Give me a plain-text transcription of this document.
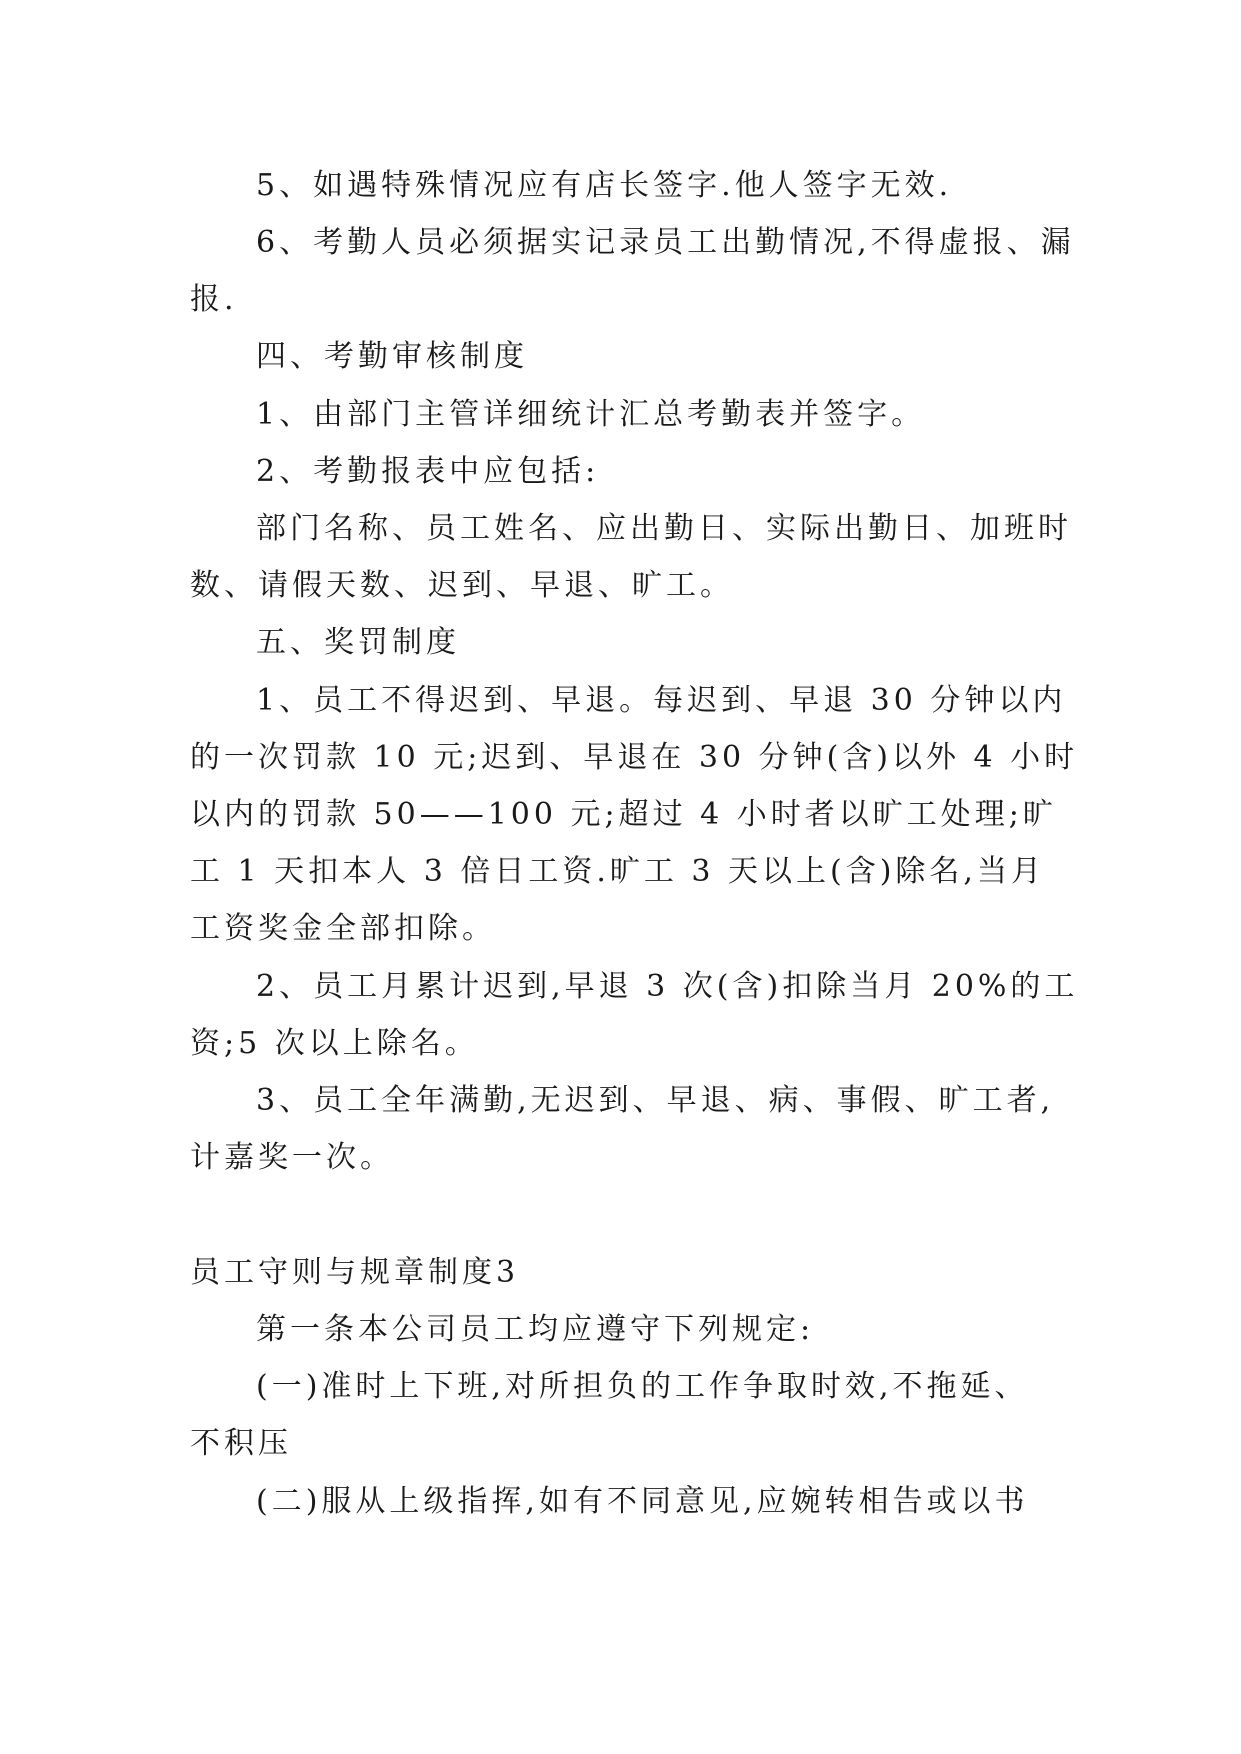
5、如遇特殊情况应有店长签字.他人签字无效.
6、考勤人员必须据实记录员工出勤情况,不得虚报、漏
报.
四、考勤审核制度
1、由部门主管详细统计汇总考勤表并签字。
2、考勤报表中应包括:
部门名称、员工姓名、应出勤日、实际出勤日、加班时
数、请假天数、迟到、早退、旷工。
五、奖罚制度
1、员工不得迟到、早退。每迟到、早退 30 分钟以内
的一次罚款 10 元;迟到、早退在 30 分钟(含)以外 4 小时
以内的罚款 50——100 元;超过 4 小时者以旷工处理;旷
工 1 天扣本人 3 倍日工资.旷工 3 天以上(含)除名,当月
工资奖金全部扣除。
2、员工月累计迟到,早退 3 次(含)扣除当月 20%的工
资;5 次以上除名。
3、员工全年满勤,无迟到、早退、病、事假、旷工者,
计嘉奖一次。
员工守则与规章制度3
第一条本公司员工均应遵守下列规定:
(一)准时上下班,对所担负的工作争取时效,不拖延、
不积压
(二)服从上级指挥,如有不同意见,应婉转相告或以书
